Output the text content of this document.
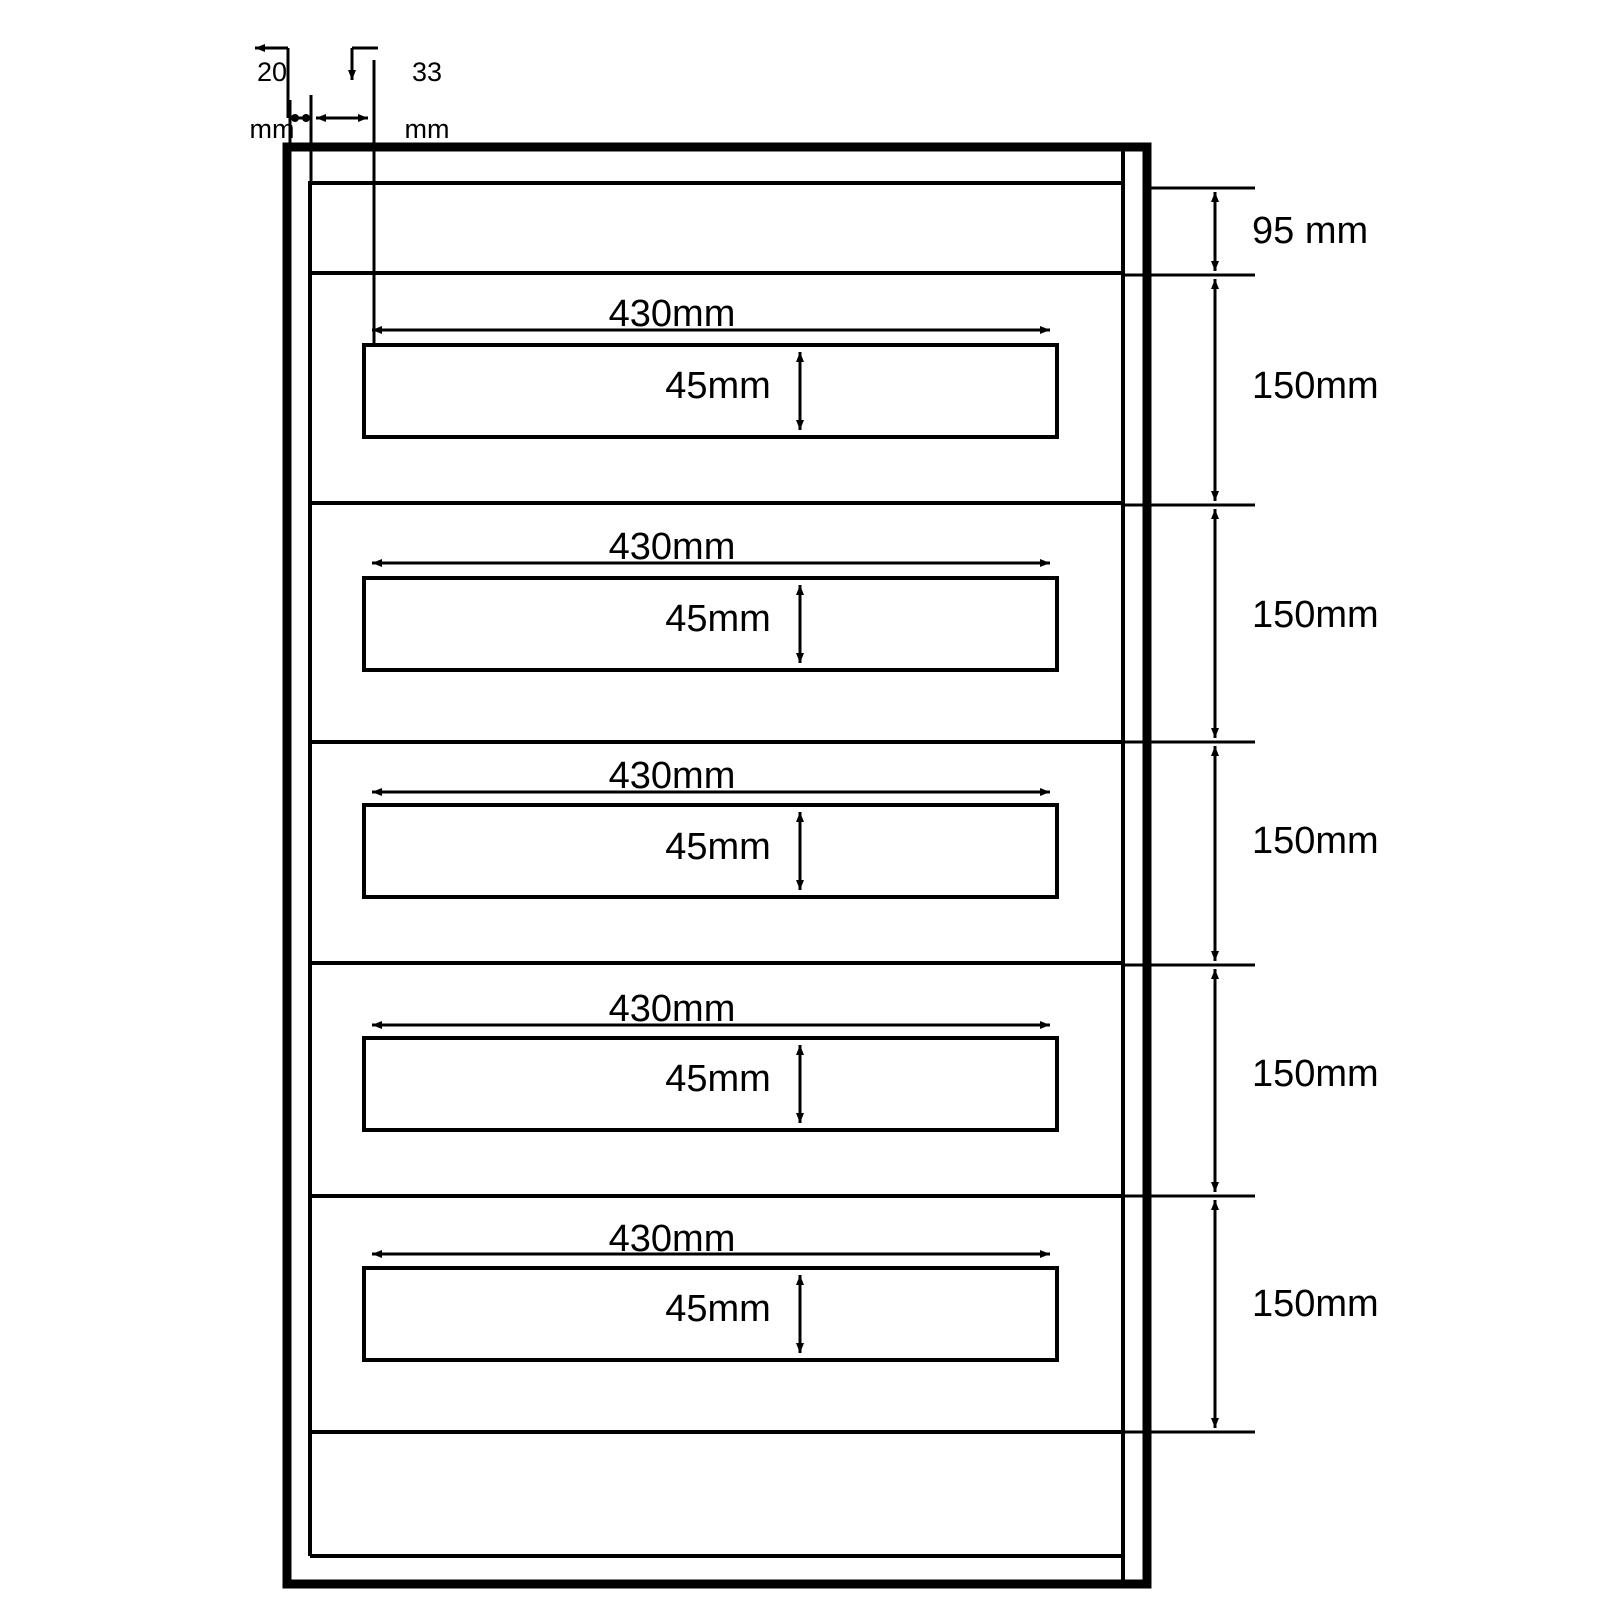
20

mm

33

mm

95 mm
150mm
150mm
150mm
150mm
150mm
430mm
45mm
430mm
45mm
430mm
45mm
430mm
45mm
430mm
45mm
